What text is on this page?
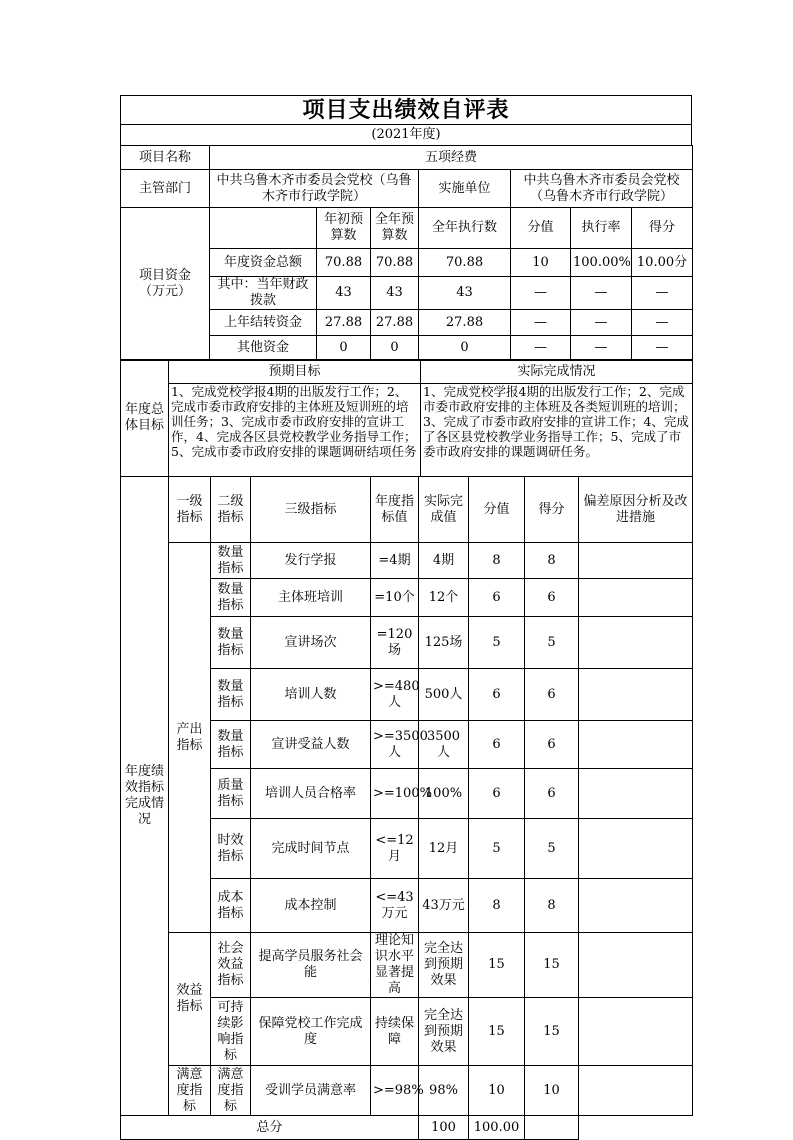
项目支出绩效自评表
(2021年度)
项目名称	五项经费						
主管部门	中共乌鲁木齐市委员会党校（乌鲁木齐市行政学院）			实施单位	中共乌鲁木齐市委员会党校（乌鲁木齐市行政学院）		

项目资金（万元）		年初预算数	全年预算数	全年执行数	分值	执行率	得分
	年度资金总额	70.88	70.88	70.88	10	100.00%	10.00分
	其中：当年财政拨款	43	43	43	—	—	—
	上年结转资金	27.88	27.88	27.88	—	—	—
	其他资金	0	0	0	—	—	—
年度总体目标	预期目标	实际完成情况

	1、完成党校学报4期的出版发行工作；2、完成市委市政府安排的主体班及短训班的培训任务；3、完成市委市政府安排的宣讲工作，4、完成各区县党校教学业务指导工作；5、完成市委市政府安排的课题调研结项任务	1、完成党校学报4期的出版发行工作；2、完成市委市政府安排的主体班及各类短训班的培训；3、完成了市委市政府安排的宣讲工作；4、完成了各区县党校教学业务指导工作；5、完成了市委市政府安排的课题调研任务。
年度绩效指标完成情况	一级指标	二级指标	三级指标	年度指标值	实际完成值	分值	得分	偏差原因分析及改进措施
	产出指标	数量指标	发行学报	=4期	4期	8	8	
		数量指标	主体班培训	=10个	12个	6	6	
		数量指标	宣讲场次	=120场	125场	5	5	
		数量指标	培训人数	>=480人	500人	6	6	
		数量指标	宣讲受益人数	>=3500人	3500人	6	6	
		质量指标	培训人员合格率	>=100%	100%	6	6	
		时效指标	完成时间节点	<=12月	12月	5	5	
		成本指标	成本控制	<=43万元	43万元	8	8	
	效益指标	社会效益指标	提高学员服务社会能	理论知识水平显著提高	完全达到预期效果	15	15	
		可持续影响指标	保障党校工作完成度	持续保障	完全达到预期效果	15	15	
	满意度指标	满意度指标	受训学员满意率	>=98%	98%	10	10	
总分					100	100.00		
